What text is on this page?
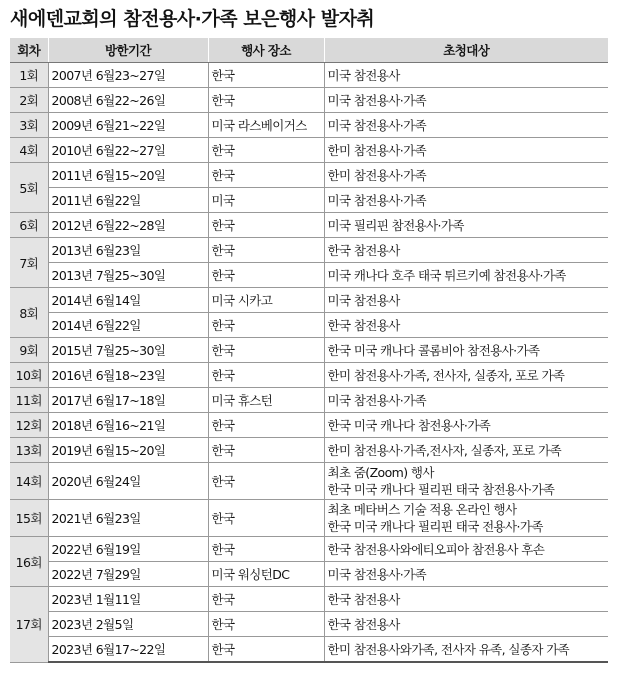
새에덴교회의 참전용사·가족 보은행사 발자취
회차	방한기간	행사 장소	초청대상
1회	2007년 6월23~27일	한국	미국 참전용사

2회	2008년 6월22~26일	한국	미국 참전용사·가족

3회	2009년 6월21~22일	미국 라스베이거스	미국 참전용사·가족

4회	2010년 6월22~27일	한국	한미 참전용사·가족

5회	2011년 6월15~20일	한국	한미 참전용사·가족

	2011년 6월22일	미국	미국 참전용사·가족

6회	2012년 6월22~28일	한국	미국 필리핀 참전용사·가족

7회	2013년 6월23일	한국	한국 참전용사

	2013년 7월25~30일	한국	미국 캐나다 호주 태국 튀르키예 참전용사·가족

8회	2014년 6월14일	미국 시카고	미국 참전용사

	2014년 6월22일	한국	한국 참전용사

9회	2015년 7월25~30일	한국	한국 미국 캐나다 콜롬비아 참전용사·가족

10회	2016년 6월18~23일	한국	한미 참전용사·가족, 전사자, 실종자, 포로 가족

11회	2017년 6월17~18일	미국 휴스턴	미국 참전용사·가족

12회	2018년 6월16~21일	한국	한국 미국 캐나다 참전용사·가족

13회	2019년 6월15~20일	한국	한미 참전용사·가족,전사자, 실종자, 포로 가족

14회	2020년 6월24일	한국	최초 줌(Zoom) 행사
한국 미국 캐나다 필리핀 태국 참전용사·가족

15회	2021년 6월23일	한국	최초 메타버스 기술 적용 온라인 행사
한국 미국 캐나다 필리핀 태국 전용사·가족

16회	2022년 6월19일	한국	한국 참전용사와에티오피아 참전용사 후손

	2022년 7월29일	미국 워싱턴DC	미국 참전용사·가족

17회	2023년 1월11일	한국	한국 참전용사

	2023년 2월5일	한국	한국 참전용사

	2023년 6월17~22일	한국	한미 참전용사와가족, 전사자 유족, 실종자 가족
